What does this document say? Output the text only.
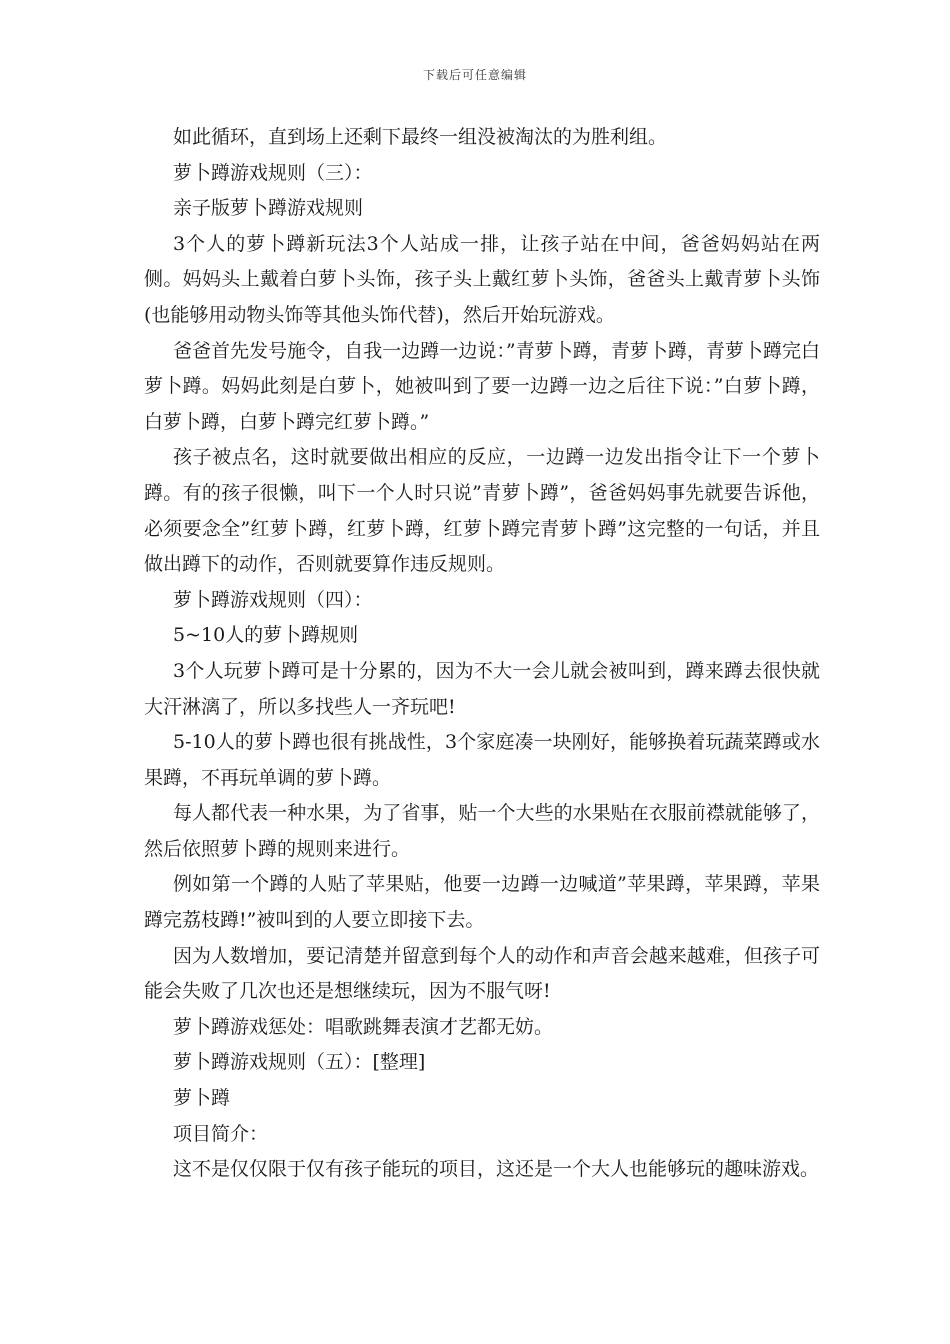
下载后可任意编辑

如此循环，直到场上还剩下最终一组没被淘汰的为胜利组。

萝卜蹲游戏规则（三）：

亲子版萝卜蹲游戏规则

3个人的萝卜蹲新玩法3个人站成一排，让孩子站在中间，爸爸妈妈站在两侧。妈妈头上戴着白萝卜头饰，孩子头上戴红萝卜头饰，爸爸头上戴青萝卜头饰(也能够用动物头饰等其他头饰代替)，然后开始玩游戏。

爸爸首先发号施令，自我一边蹲一边说：”青萝卜蹲，青萝卜蹲，青萝卜蹲完白萝卜蹲。妈妈此刻是白萝卜，她被叫到了要一边蹲一边之后往下说：”白萝卜蹲，白萝卜蹲，白萝卜蹲完红萝卜蹲。”

孩子被点名，这时就要做出相应的反应，一边蹲一边发出指令让下一个萝卜蹲。有的孩子很懒，叫下一个人时只说”青萝卜蹲”，爸爸妈妈事先就要告诉他，必须要念全”红萝卜蹲，红萝卜蹲，红萝卜蹲完青萝卜蹲”这完整的一句话，并且做出蹲下的动作，否则就要算作违反规则。

萝卜蹲游戏规则（四）：

5~10人的萝卜蹲规则

3个人玩萝卜蹲可是十分累的，因为不大一会儿就会被叫到，蹲来蹲去很快就大汗淋漓了，所以多找些人一齐玩吧!

5-10人的萝卜蹲也很有挑战性，3个家庭凑一块刚好，能够换着玩蔬菜蹲或水果蹲，不再玩单调的萝卜蹲。

每人都代表一种水果，为了省事，贴一个大些的水果贴在衣服前襟就能够了，然后依照萝卜蹲的规则来进行。

例如第一个蹲的人贴了苹果贴，他要一边蹲一边喊道”苹果蹲，苹果蹲，苹果蹲完荔枝蹲!”被叫到的人要立即接下去。

因为人数增加，要记清楚并留意到每个人的动作和声音会越来越难，但孩子可能会失败了几次也还是想继续玩，因为不服气呀!

萝卜蹲游戏惩处：唱歌跳舞表演才艺都无妨。

萝卜蹲游戏规则（五）：[整理]

萝卜蹲

项目简介：

这不是仅仅限于仅有孩子能玩的项目，这还是一个大人也能够玩的趣味游戏。
